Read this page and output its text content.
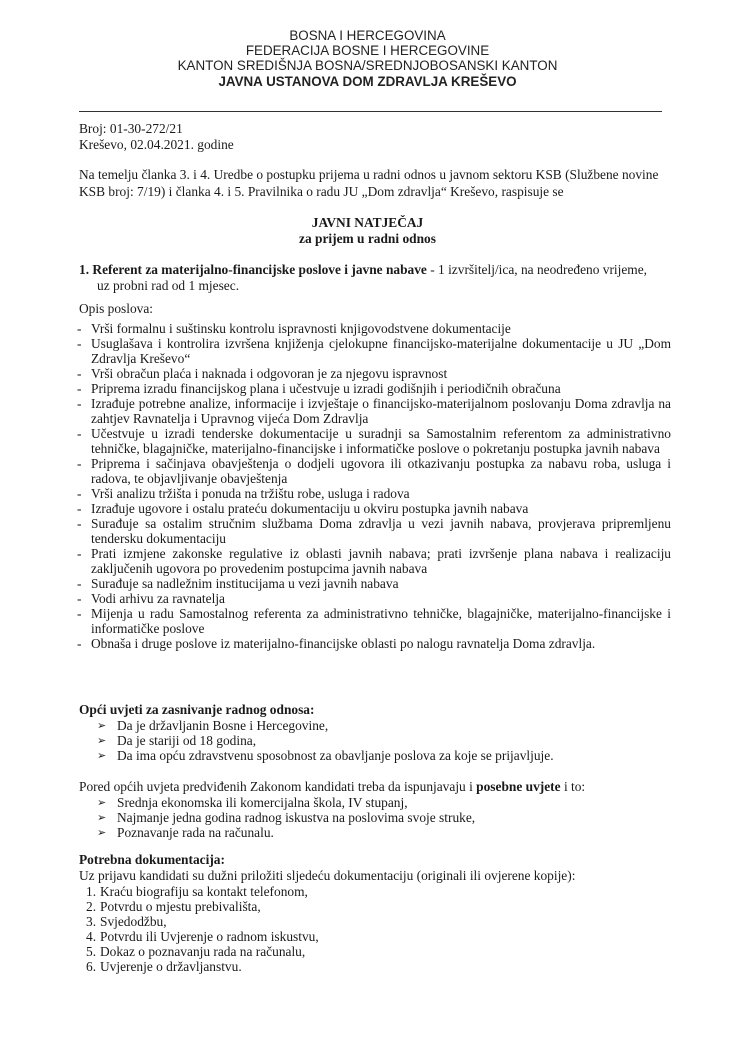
BOSNA I HERCEGOVINA
FEDERACIJA BOSNE I HERCEGOVINE
KANTON SREDIŠNJA BOSNA/SREDNJOBOSANSKI KANTON
JAVNA USTANOVA DOM ZDRAVLJA KREŠEVO
Broj: 01-30-272/21
Kreševo, 02.04.2021. godine
Na temelju članka 3. i 4. Uredbe o postupku prijema u radni odnos u javnom sektoru KSB (Službene novine
KSB broj: 7/19) i članka 4. i 5. Pravilnika o radu JU „Dom zdravlja“ Kreševo, raspisuje se
JAVNI NATJEČAJ
za prijem u radni odnos
1. Referent za materijalno-financijske poslove i javne nabave - 1 izvršitelj/ica, na neodređeno vrijeme,
uz probni rad od 1 mjesec.
Opis poslova:
- Vrši formalnu i suštinsku kontrolu ispravnosti knjigovodstvene dokumentacije
- Usuglašava i kontrolira izvršena knjiženja cjelokupne financijsko-materijalne dokumentacije u JU „Dom Zdravlja Kreševo“
- Vrši obračun plaća i naknada i odgovoran je za njegovu ispravnost
- Priprema izradu financijskog plana i učestvuje u izradi godišnjih i periodičnih obračuna
- Izrađuje potrebne analize, informacije i izvještaje o financijsko-materijalnom poslovanju Doma zdravlja na zahtjev Ravnatelja i Upravnog vijeća Dom Zdravlja
- Učestvuje u izradi tenderske dokumentacije u suradnji sa Samostalnim referentom za administrativno tehničke, blagajničke, materijalno-financijske i informatičke poslove o pokretanju postupka javnih nabava
- Priprema i sačinjava obavještenja o dodjeli ugovora ili otkazivanju postupka za nabavu roba, usluga i radova, te objavljivanje obavještenja
- Vrši analizu tržišta i ponuda na tržištu robe, usluga i radova
- Izrađuje ugovore i ostalu prateću dokumentaciju u okviru postupka javnih nabava
- Surađuje sa ostalim stručnim službama Doma zdravlja u vezi javnih nabava, provjerava pripremljenu tendersku dokumentaciju
- Prati izmjene zakonske regulative iz oblasti javnih nabava; prati izvršenje plana nabava i realizaciju zaključenih ugovora po provedenim postupcima javnih nabava
- Surađuje sa nadležnim institucijama u vezi javnih nabava
- Vodi arhivu za ravnatelja
- Mijenja u radu Samostalnog referenta za administrativno tehničke, blagajničke, materijalno-financijske i informatičke poslove
- Obnaša i druge poslove iz materijalno-financijske oblasti po nalogu ravnatelja Doma zdravlja.
Opći uvjeti za zasnivanje radnog odnosa:
➢ Da je državljanin Bosne i Hercegovine,
➢ Da je stariji od 18 godina,
➢ Da ima opću zdravstvenu sposobnost za obavljanje poslova za koje se prijavljuje.
Pored općih uvjeta predviđenih Zakonom kandidati treba da ispunjavaju i posebne uvjete i to:
➢ Srednja ekonomska ili komercijalna škola, IV stupanj,
➢ Najmanje jedna godina radnog iskustva na poslovima svoje struke,
➢ Poznavanje rada na računalu.
Potrebna dokumentacija:
Uz prijavu kandidati su dužni priložiti sljedeću dokumentaciju (originali ili ovjerene kopije):
1. Kraću biografiju sa kontakt telefonom,
2. Potvrdu o mjestu prebivališta,
3. Svjedodžbu,
4. Potvrdu ili Uvjerenje o radnom iskustvu,
5. Dokaz o poznavanju rada na računalu,
6. Uvjerenje o državljanstvu.
